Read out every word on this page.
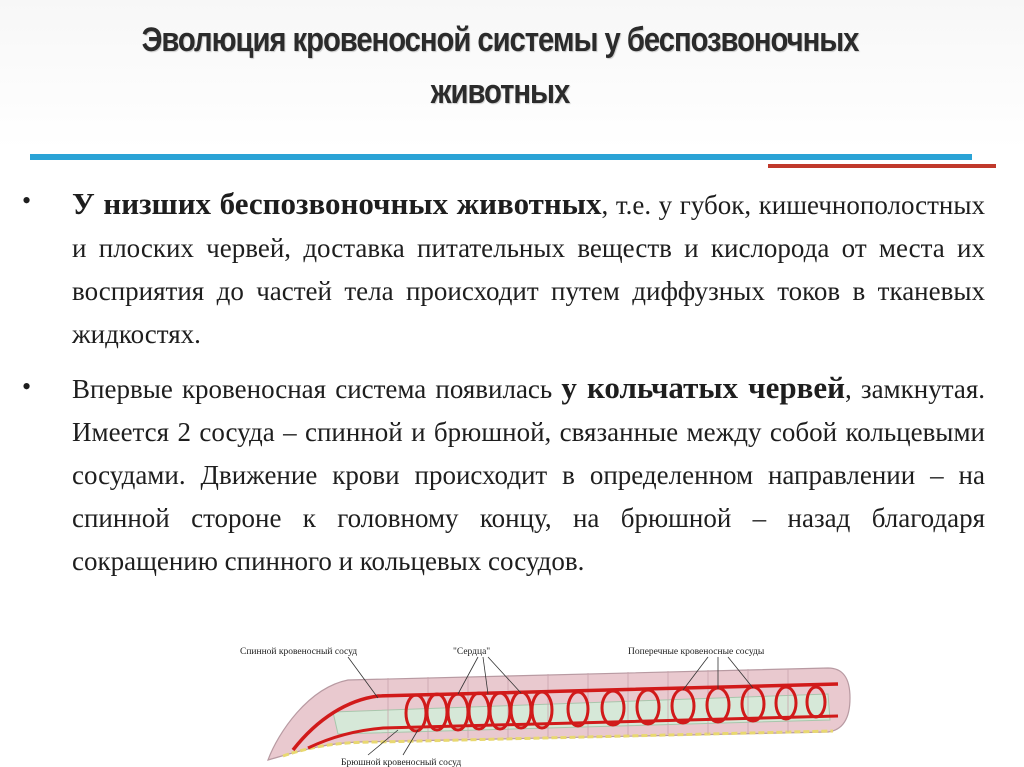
Эволюция кровеносной системы у беспозвоночных
животных
• У низших беспозвоночных животных, т.е. у губок, кишечнополостных и плоских червей, доставка питательных веществ и кислорода от места их восприятия до частей тела происходит путем диффузных токов в тканевых жидкостях.
• Впервые кровеносная система появилась у кольчатых червей, замкнутая. Имеется 2 сосуда – спинной и брюшной, связанные между собой кольцевыми сосудами. Движение крови происходит в определенном направлении – на спинной стороне к головному концу, на брюшной – назад благодаря сокращению спинного и кольцевых сосудов.
Спинной кровеносный сосуд	"Сердца"	Поперечные кровеносные сосуды
Брюшной кровеносный сосуд
